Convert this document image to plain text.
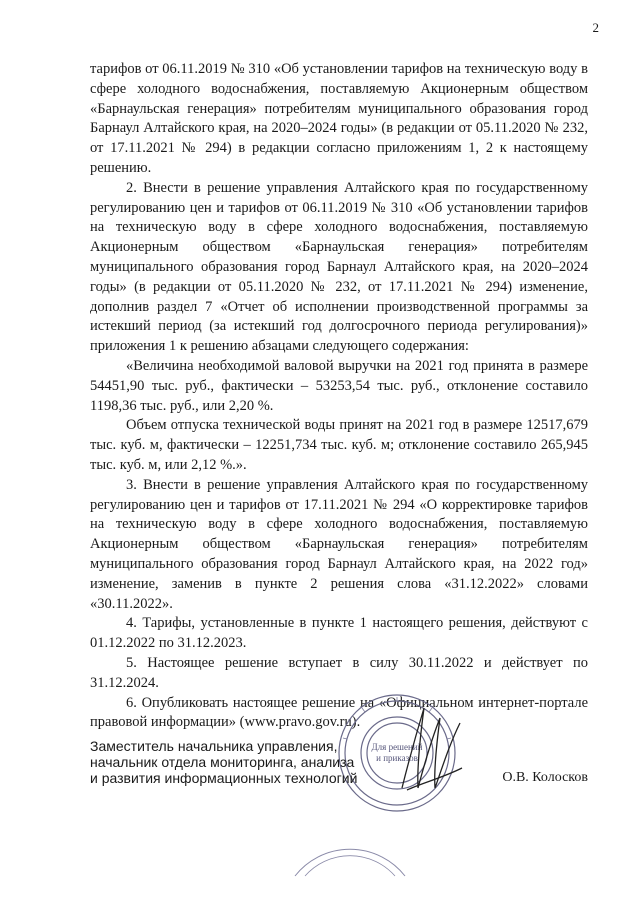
2

тарифов от 06.11.2019 № 310 «Об установлении тарифов на техническую воду в сфере холодного водоснабжения, поставляемую Акционерным обществом «Барнаульская генерация» потребителям муниципального образования город Барнаул Алтайского края, на 2020–2024 годы» (в редакции от 05.11.2020 № 232, от 17.11.2021 № 294) в редакции согласно приложениям 1, 2 к настоящему решению.

2. Внести в решение управления Алтайского края по государственному регулированию цен и тарифов от 06.11.2019 № 310 «Об установлении тарифов на техническую воду в сфере холодного водоснабжения, поставляемую Акционерным обществом «Барнаульская генерация» потребителям муниципального образования город Барнаул Алтайского края, на 2020–2024 годы» (в редакции от 05.11.2020 № 232, от 17.11.2021 № 294) изменение, дополнив раздел 7 «Отчет об исполнении производственной программы за истекший период (за истекший год долгосрочного периода регулирования)» приложения 1 к решению абзацами следующего содержания:

«Величина необходимой валовой выручки на 2021 год принята в размере 54451,90 тыс. руб., фактически – 53253,54 тыс. руб., отклонение составило 1198,36 тыс. руб., или 2,20 %.

Объем отпуска технической воды принят на 2021 год в размере 12517,679 тыс. куб. м, фактически – 12251,734 тыс. куб. м; отклонение составило 265,945 тыс. куб. м, или 2,12 %.».

3. Внести в решение управления Алтайского края по государственному регулированию цен и тарифов от 17.11.2021 № 294 «О корректировке тарифов на техническую воду в сфере холодного водоснабжения, поставляемую Акционерным обществом «Барнаульская генерация» потребителям муниципального образования город Барнаул Алтайского края, на 2022 год» изменение, заменив в пункте 2 решения слова «31.12.2022» словами «30.11.2022».

4. Тарифы, установленные в пункте 1 настоящего решения, действуют с 01.12.2022 по 31.12.2023.

5. Настоящее решение вступает в силу 30.11.2022 и действует по 31.12.2024.

6. Опубликовать настоящее решение на «Официальном интернет-портале правовой информации» (www.pravo.gov.ru).

Для решений
и приказов
Заместитель начальника управления,
начальник отдела мониторинга, анализа
и развития информационных технологий	О.В. Колосков
